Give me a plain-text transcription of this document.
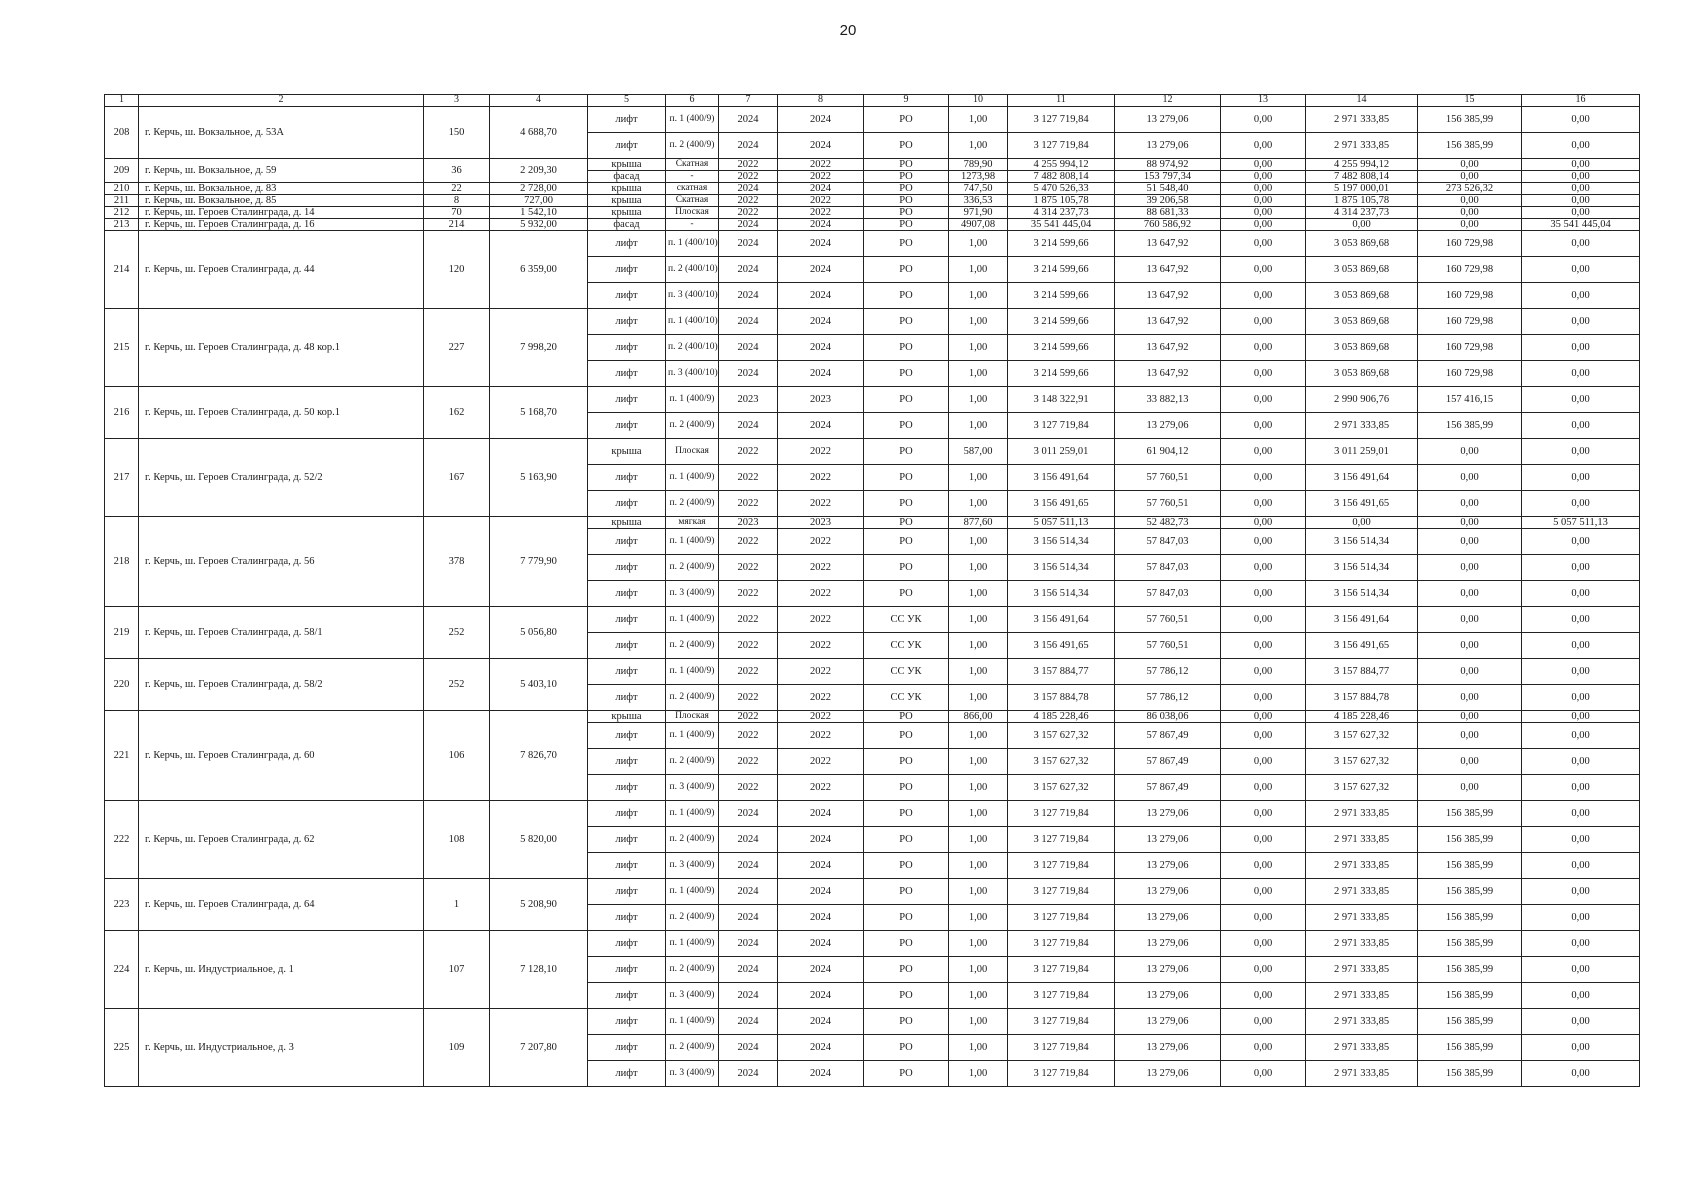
20
1	2	3	4	5	6	7	8	9	10	11	12	13	14	15	16
208	г. Керчь, ш. Вокзальное, д. 53А	150	4 688,70	лифт	п. 1 (400/9)	2024	2024	РО	1,00	3 127 719,84	13 279,06	0,00	2 971 333,85	156 385,99	0,00
				лифт	п. 2 (400/9)	2024	2024	РО	1,00	3 127 719,84	13 279,06	0,00	2 971 333,85	156 385,99	0,00
209	г. Керчь, ш. Вокзальное, д. 59	36	2 209,30	крыша	Скатная	2022	2022	РО	789,90	4 255 994,12	88 974,92	0,00	4 255 994,12	0,00	0,00
				фасад	-	2022	2022	РО	1273,98	7 482 808,14	153 797,34	0,00	7 482 808,14	0,00	0,00
210	г. Керчь, ш. Вокзальное, д. 83	22	2 728,00	крыша	скатная	2024	2024	РО	747,50	5 470 526,33	51 548,40	0,00	5 197 000,01	273 526,32	0,00
211	г. Керчь, ш. Вокзальное, д. 85	8	727,00	крыша	Скатная	2022	2022	РО	336,53	1 875 105,78	39 206,58	0,00	1 875 105,78	0,00	0,00
212	г. Керчь, ш. Героев Сталинграда, д. 14	70	1 542,10	крыша	Плоская	2022	2022	РО	971,90	4 314 237,73	88 681,33	0,00	4 314 237,73	0,00	0,00
213	г. Керчь, ш. Героев Сталинграда, д. 16	214	5 932,00	фасад	-	2024	2024	РО	4907,08	35 541 445,04	760 586,92	0,00	0,00	0,00	35 541 445,04
214	г. Керчь, ш. Героев Сталинграда, д. 44	120	6 359,00	лифт	п. 1 (400/10)	2024	2024	РО	1,00	3 214 599,66	13 647,92	0,00	3 053 869,68	160 729,98	0,00
				лифт	п. 2 (400/10)	2024	2024	РО	1,00	3 214 599,66	13 647,92	0,00	3 053 869,68	160 729,98	0,00
				лифт	п. 3 (400/10)	2024	2024	РО	1,00	3 214 599,66	13 647,92	0,00	3 053 869,68	160 729,98	0,00
215	г. Керчь, ш. Героев Сталинграда, д. 48 кор.1	227	7 998,20	лифт	п. 1 (400/10)	2024	2024	РО	1,00	3 214 599,66	13 647,92	0,00	3 053 869,68	160 729,98	0,00
				лифт	п. 2 (400/10)	2024	2024	РО	1,00	3 214 599,66	13 647,92	0,00	3 053 869,68	160 729,98	0,00
				лифт	п. 3 (400/10)	2024	2024	РО	1,00	3 214 599,66	13 647,92	0,00	3 053 869,68	160 729,98	0,00
216	г. Керчь, ш. Героев Сталинграда, д. 50 кор.1	162	5 168,70	лифт	п. 1 (400/9)	2023	2023	РО	1,00	3 148 322,91	33 882,13	0,00	2 990 906,76	157 416,15	0,00
				лифт	п. 2 (400/9)	2024	2024	РО	1,00	3 127 719,84	13 279,06	0,00	2 971 333,85	156 385,99	0,00
217	г. Керчь, ш. Героев Сталинграда, д. 52/2	167	5 163,90	крыша	Плоская	2022	2022	РО	587,00	3 011 259,01	61 904,12	0,00	3 011 259,01	0,00	0,00
				лифт	п. 1 (400/9)	2022	2022	РО	1,00	3 156 491,64	57 760,51	0,00	3 156 491,64	0,00	0,00
				лифт	п. 2 (400/9)	2022	2022	РО	1,00	3 156 491,65	57 760,51	0,00	3 156 491,65	0,00	0,00
218	г. Керчь, ш. Героев Сталинграда, д. 56	378	7 779,90	крыша	мягкая	2023	2023	РО	877,60	5 057 511,13	52 482,73	0,00	0,00	0,00	5 057 511,13
				лифт	п. 1 (400/9)	2022	2022	РО	1,00	3 156 514,34	57 847,03	0,00	3 156 514,34	0,00	0,00
				лифт	п. 2 (400/9)	2022	2022	РО	1,00	3 156 514,34	57 847,03	0,00	3 156 514,34	0,00	0,00
				лифт	п. 3 (400/9)	2022	2022	РО	1,00	3 156 514,34	57 847,03	0,00	3 156 514,34	0,00	0,00
219	г. Керчь, ш. Героев Сталинграда, д. 58/1	252	5 056,80	лифт	п. 1 (400/9)	2022	2022	СС УК	1,00	3 156 491,64	57 760,51	0,00	3 156 491,64	0,00	0,00
				лифт	п. 2 (400/9)	2022	2022	СС УК	1,00	3 156 491,65	57 760,51	0,00	3 156 491,65	0,00	0,00
220	г. Керчь, ш. Героев Сталинграда, д. 58/2	252	5 403,10	лифт	п. 1 (400/9)	2022	2022	СС УК	1,00	3 157 884,77	57 786,12	0,00	3 157 884,77	0,00	0,00
				лифт	п. 2 (400/9)	2022	2022	СС УК	1,00	3 157 884,78	57 786,12	0,00	3 157 884,78	0,00	0,00
221	г. Керчь, ш. Героев Сталинграда, д. 60	106	7 826,70	крыша	Плоская	2022	2022	РО	866,00	4 185 228,46	86 038,06	0,00	4 185 228,46	0,00	0,00
				лифт	п. 1 (400/9)	2022	2022	РО	1,00	3 157 627,32	57 867,49	0,00	3 157 627,32	0,00	0,00
				лифт	п. 2 (400/9)	2022	2022	РО	1,00	3 157 627,32	57 867,49	0,00	3 157 627,32	0,00	0,00
				лифт	п. 3 (400/9)	2022	2022	РО	1,00	3 157 627,32	57 867,49	0,00	3 157 627,32	0,00	0,00
222	г. Керчь, ш. Героев Сталинграда, д. 62	108	5 820,00	лифт	п. 1 (400/9)	2024	2024	РО	1,00	3 127 719,84	13 279,06	0,00	2 971 333,85	156 385,99	0,00
				лифт	п. 2 (400/9)	2024	2024	РО	1,00	3 127 719,84	13 279,06	0,00	2 971 333,85	156 385,99	0,00
				лифт	п. 3 (400/9)	2024	2024	РО	1,00	3 127 719,84	13 279,06	0,00	2 971 333,85	156 385,99	0,00
223	г. Керчь, ш. Героев Сталинграда, д. 64	1	5 208,90	лифт	п. 1 (400/9)	2024	2024	РО	1,00	3 127 719,84	13 279,06	0,00	2 971 333,85	156 385,99	0,00
				лифт	п. 2 (400/9)	2024	2024	РО	1,00	3 127 719,84	13 279,06	0,00	2 971 333,85	156 385,99	0,00
224	г. Керчь, ш. Индустриальное, д. 1	107	7 128,10	лифт	п. 1 (400/9)	2024	2024	РО	1,00	3 127 719,84	13 279,06	0,00	2 971 333,85	156 385,99	0,00
				лифт	п. 2 (400/9)	2024	2024	РО	1,00	3 127 719,84	13 279,06	0,00	2 971 333,85	156 385,99	0,00
				лифт	п. 3 (400/9)	2024	2024	РО	1,00	3 127 719,84	13 279,06	0,00	2 971 333,85	156 385,99	0,00
225	г. Керчь, ш. Индустриальное, д. 3	109	7 207,80	лифт	п. 1 (400/9)	2024	2024	РО	1,00	3 127 719,84	13 279,06	0,00	2 971 333,85	156 385,99	0,00
				лифт	п. 2 (400/9)	2024	2024	РО	1,00	3 127 719,84	13 279,06	0,00	2 971 333,85	156 385,99	0,00
				лифт	п. 3 (400/9)	2024	2024	РО	1,00	3 127 719,84	13 279,06	0,00	2 971 333,85	156 385,99	0,00
